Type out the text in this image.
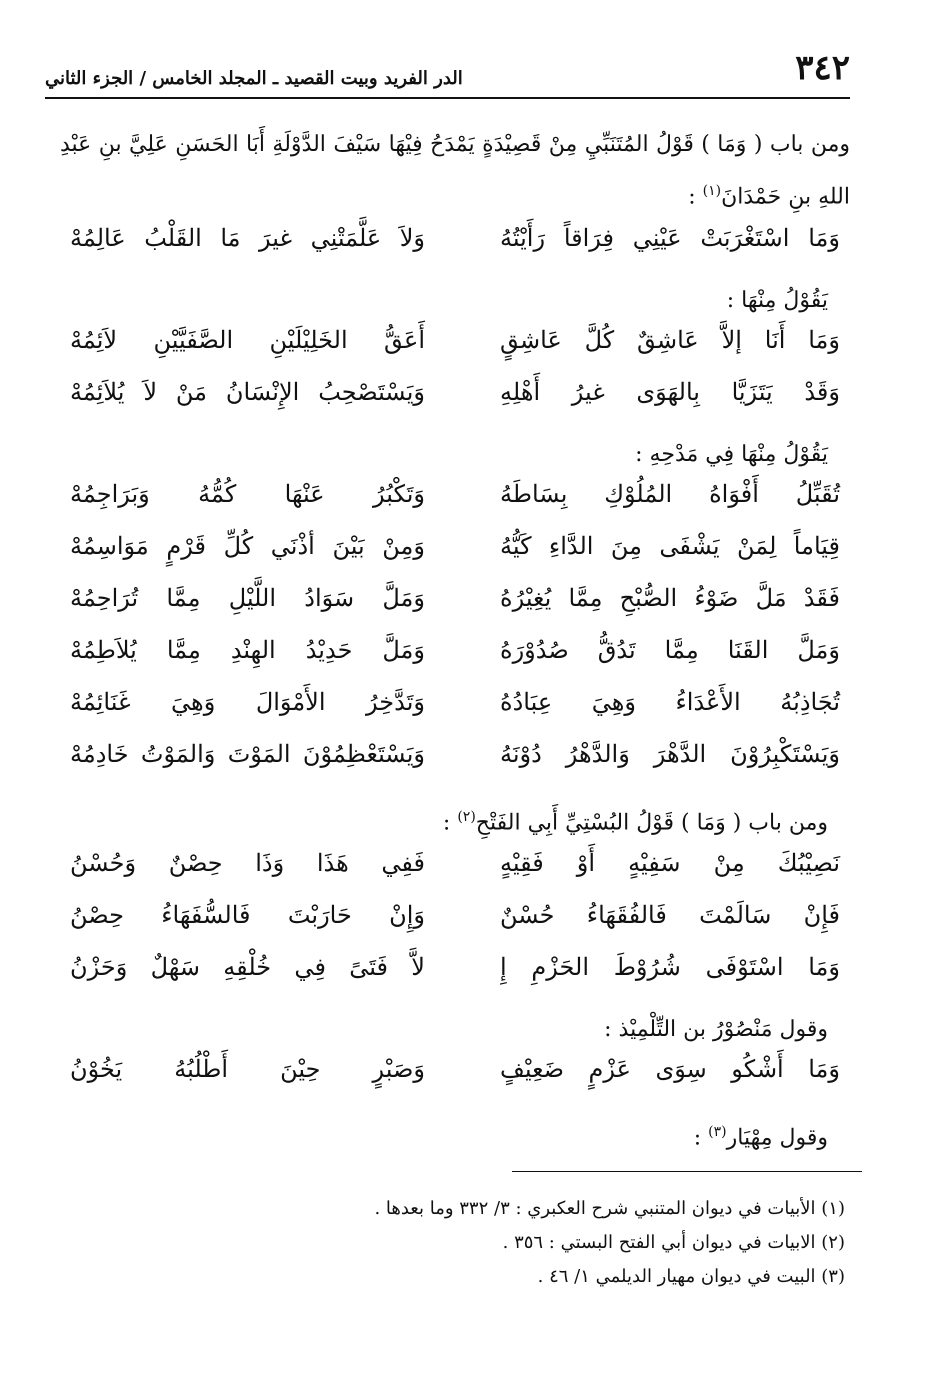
٣٤٢
الدر الفريد وبيت القصيد ـ المجلد الخامس / الجزء الثاني

ومن باب ( وَمَا ) قَوْلُ المُتَنَبِّيِ مِنْ قَصِيْدَةٍ يَمْدَحُ فِيْهَا سَيْفَ الدَّوْلَةِ أَبَا الحَسَنِ عَلِيَّ بنِ عَبْدِ اللهِ بنِ حَمْدَانَ$^{(١)}$ :

وَمَا اسْتَغْرَبَتْ عَيْنِي فِرَاقاً رَأَيْتُهُ
وَلاَ عَلَّمَتْنِي غيرَ مَا القَلْبُ عَالِمُهْ

يَقُوْلُ مِنْهَا :

وَمَا أَنَا إلاَّ عَاشِقٌ كُلَّ عَاشِقٍ
أَعَقُّ الخَلِيْلَيْنِ الصَّفَيَّيْنِ لاَئِمُهْ
وَقَدْ يَتَزَيَّا بِالهَوَى غيرُ أَهْلِهِ
وَيَسْتَصْحِبُ الإِنْسَانُ مَنْ لاَ يُلاَئِمُهْ

يَقُوْلُ مِنْهَا فِي مَدْحِهِ :

تُقَبِّلُ أَفْوَاهُ المُلُوْكِ بِسَاطَهُ
وَتَكْبُرُ عَنْهَا كُمُّهُ وَبَرَاجِمُهْ
قِيَاماً لِمَنْ يَشْفَى مِنَ الدَّاءِ كَيُّهُ
وَمِنْ بَيْنَ أذْنَي كُلِّ قَرْمٍ مَوَاسِمُهْ
فَقَدْ مَلَّ ضَوْءُ الصُّبْحِ مِمَّا يُغِيْرُهُ
وَمَلَّ سَوَادُ اللَّيْلِ مِمَّا تُرَاحِمُهْ
وَمَلَّ القَنَا مِمَّا تَدُقُّ صُدُوْرَهُ
وَمَلَّ حَدِيْدُ الهِنْدِ مِمَّا يُلاَطِمُهْ
تُجَاذِبُهُ الأَعْدَاءُ وَهِيَ عِبَادُهُ
وَتَدَّخِرُ الأَمْوَالَ وَهِيَ غَنَائِمُهْ
وَيَسْتَكْبِرُوْنَ الدَّهْرَ وَالدَّهْرُ دُوْنَهُ
وَيَسْتَعْظِمُوْنَ المَوْتَ وَالمَوْتُ خَادِمُهْ

ومن باب ( وَمَا ) قَوْلُ البُسْتِيِّ أَبِي الفَتْحِ$^{(٢)}$ :

نَصِيْبُكَ مِنْ سَفِيْهٍ أَوْ فَقِيْهٍ
فَفِي هَذَا وَذَا حِصْنٌ وَحُسْنُ
فَإِنْ سَالَمْتَ فَالفُقَهَاءُ حُسْنٌ
وَإِنْ حَارَبْتَ فَالسُّفَهَاءُ حِصْنُ
وَمَا اسْتَوْفَى شُرُوْطَ الحَزْمِ إِ
لاَّ فَتَىً فِي خُلْقِهِ سَهْلٌ وَحَزْنُ

وقول مَنْصُوْرُ بن التِّلْمِيْذ :

وَمَا أَشْكُو سِوَى عَزْمٍ ضَعِيْفٍ
وَصَبْرٍ حِيْنَ أَطْلُبُهُ يَخُوْنُ

وقول مِهْيَار$^{(٣)}$ :

(١) الأبيات في ديوان المتنبي شرح العكبري : ٣/ ٣٣٢ وما بعدها .
(٢) الابيات في ديوان أبي الفتح البستي : ٣٥٦ .
(٣) البيت في ديوان مهيار الديلمي ١/ ٤٦ .
